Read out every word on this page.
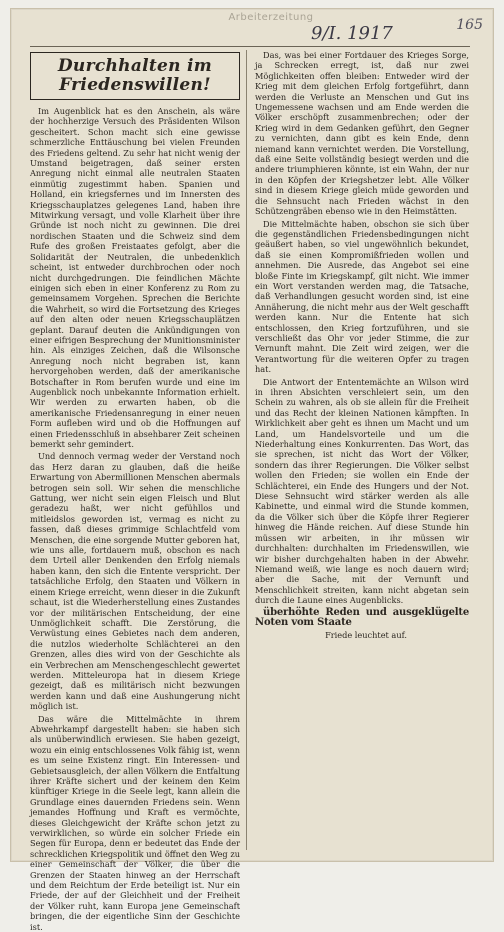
Arbeiterzeitung
9/I. 1917	165
Durchhalten im Friedenswillen!

Im Augenblick hat es den Anschein, als wäre der hochherzige Versuch des Präsidenten Wilson gescheitert. Schon macht sich eine gewisse schmerzliche Enttäuschung bei vielen Freunden des Friedens geltend. Zu sehr hat nicht wenig der Umstand beigetragen, daß seiner ersten Anregung nicht einmal alle neutralen Staaten einmütig zugestimmt haben. Spanien und Holland, ein kriegsfernes und im Innersten des Kriegsschauplatzes gelegenes Land, haben ihre Mitwirkung versagt, und volle Klarheit über ihre Gründe ist noch nicht zu gewinnen. Die drei nordischen Staaten und die Schweiz sind dem Rufe des großen Freistaates gefolgt, aber die Solidarität der Neutralen, die unbedenklich scheint, ist entweder durchbrochen oder noch nicht durchgedrungen. Die feindlichen Mächte einigen sich eben in einer Konferenz zu Rom zu gemeinsamem Vorgehen. Sprechen die Berichte die Wahrheit, so wird die Fortsetzung des Krieges auf den alten oder neuen Kriegsschauplätzen geplant. Darauf deuten die Ankündigungen von einer eifrigen Besprechung der Munitionsminister hin. Als einziges Zeichen, daß die Wilsonsche Anregung noch nicht begraben ist, kann hervorgehoben werden, daß der amerikanische Botschafter in Rom berufen wurde und eine im Augenblick noch unbekannte Information erhielt. Wir werden zu erwarten haben, ob die amerikanische Friedensanregung in einer neuen Form aufleben wird und ob die Hoffnungen auf einen Friedensschluß in absehbarer Zeit scheinen bemerkt sehr gemindert.

Und dennoch vermag weder der Verstand noch das Herz daran zu glauben, daß die heiße Erwartung von Abermillionen Menschen abermals betrogen sein soll. Wir sehen die menschliche Gattung, wer nicht sein eigen Fleisch und Blut geradezu haßt, wer nicht gefühllos und mitleidslos geworden ist, vermag es nicht zu fassen, daß dieses grimmige Schlachtfeld vom Menschen, die eine sorgende Mutter geboren hat, wie uns alle, fortdauern muß, obschon es nach dem Urteil aller Denkenden den Erfolg niemals haben kann, den sich die Entente verspricht. Der tatsächliche Erfolg, den Staaten und Völkern in einem Kriege erreicht, wenn dieser in die Zukunft schaut, ist die Wiederherstellung eines Zustandes vor der militärischen Entscheidung, der eine Unmöglichkeit schafft. Die Zerstörung, die Verwüstung eines Gebietes nach dem anderen, die nutzlos wiederholte Schlächterei an den Grenzen, alles dies wird von der Geschichte als ein Verbrechen am Menschengeschlecht gewertet werden. Mitteleuropa hat in diesem Kriege gezeigt, daß es militärisch nicht bezwungen werden kann und daß eine Aushungerung nicht möglich ist.

Das wäre die Mittelmächte in ihrem Abwehrkampf dargestellt haben: sie haben sich als unüberwindlich erwiesen. Sie haben gezeigt, wozu ein einig entschlossenes Volk fähig ist, wenn es um seine Existenz ringt. Ein Interessen- und Gebietsausgleich, der allen Völkern die Entfaltung ihrer Kräfte sichert und der keinem den Keim künftiger Kriege in die Seele legt, kann allein die Grundlage eines dauernden Friedens sein. Wenn jemandes Hoffnung und Kraft es vermöchte, dieses Gleichgewicht der Kräfte schon jetzt zu verwirklichen, so würde ein solcher Friede ein Segen für Europa, denn er bedeutet das Ende der schrecklichen Kriegspolitik und öffnet den Weg zu einer Gemeinschaft der Völker, die über die Grenzen der Staaten hinweg an der Herrschaft und dem Reichtum der Erde beteiligt ist. Nur ein Friede, der auf der Gleichheit und der Freiheit der Völker ruht, kann Europa jene Gemeinschaft bringen, die der eigentliche Sinn der Geschichte ist.

Das, was bei einer Fortdauer des Krieges Sorge, ja Schrecken erregt, ist, daß nur zwei Möglichkeiten offen bleiben: Entweder wird der Krieg mit dem gleichen Erfolg fortgeführt, dann werden die Verluste an Menschen und Gut ins Ungemessene wachsen und am Ende werden die Völker erschöpft zusammenbrechen; oder der Krieg wird in dem Gedanken geführt, den Gegner zu vernichten, dann gibt es kein Ende, denn niemand kann vernichtet werden. Die Vorstellung, daß eine Seite vollständig besiegt werden und die andere triumphieren könnte, ist ein Wahn, der nur in den Köpfen der Kriegshetzer lebt. Alle Völker sind in diesem Kriege gleich müde geworden und die Sehnsucht nach Frieden wächst in den Schützengräben ebenso wie in den Heimstätten.

Die Mittelmächte haben, obschon sie sich über die gegenständlichen Friedensbedingungen nicht geäußert haben, so viel ungewöhnlich bekundet, daß sie einen Kompromißfrieden wollen und annehmen. Die Ausrede, das Angebot sei eine bloße Finte im Kriegskampf, gilt nicht. Wie immer ein Wort verstanden werden mag, die Tatsache, daß Verhandlungen gesucht worden sind, ist eine Annäherung, die nicht mehr aus der Welt geschafft werden kann. Nur die Entente hat sich entschlossen, den Krieg fortzuführen, und sie verschließt das Ohr vor jeder Stimme, die zur Vernunft mahnt. Die Zeit wird zeigen, wer die Verantwortung für die weiteren Opfer zu tragen hat.

Die Antwort der Ententemächte an Wilson wird in ihren Absichten verschleiert sein, um den Schein zu wahren, als ob sie allein für die Freiheit und das Recht der kleinen Nationen kämpften. In Wirklichkeit aber geht es ihnen um Macht und um Land, um Handelsvorteile und um die Niederhaltung eines Konkurrenten. Das Wort, das sie sprechen, ist nicht das Wort der Völker, sondern das ihrer Regierungen. Die Völker selbst wollen den Frieden; sie wollen ein Ende der Schlächterei, ein Ende des Hungers und der Not. Diese Sehnsucht wird stärker werden als alle Kabinette, und einmal wird die Stunde kommen, da die Völker sich über die Köpfe ihrer Regierer hinweg die Hände reichen. Auf diese Stunde hin müssen wir arbeiten, in ihr müssen wir durchhalten: durchhalten im Friedenswillen, wie wir bisher durchgehalten haben in der Abwehr. Niemand weiß, wie lange es noch dauern wird; aber die Sache, mit der Vernunft und Menschlichkeit streiten, kann nicht abgetan sein durch die Laune eines Augenblicks.

überhöhte Reden und ausgeklügelte Noten vom Staate

Friede leuchtet auf.
